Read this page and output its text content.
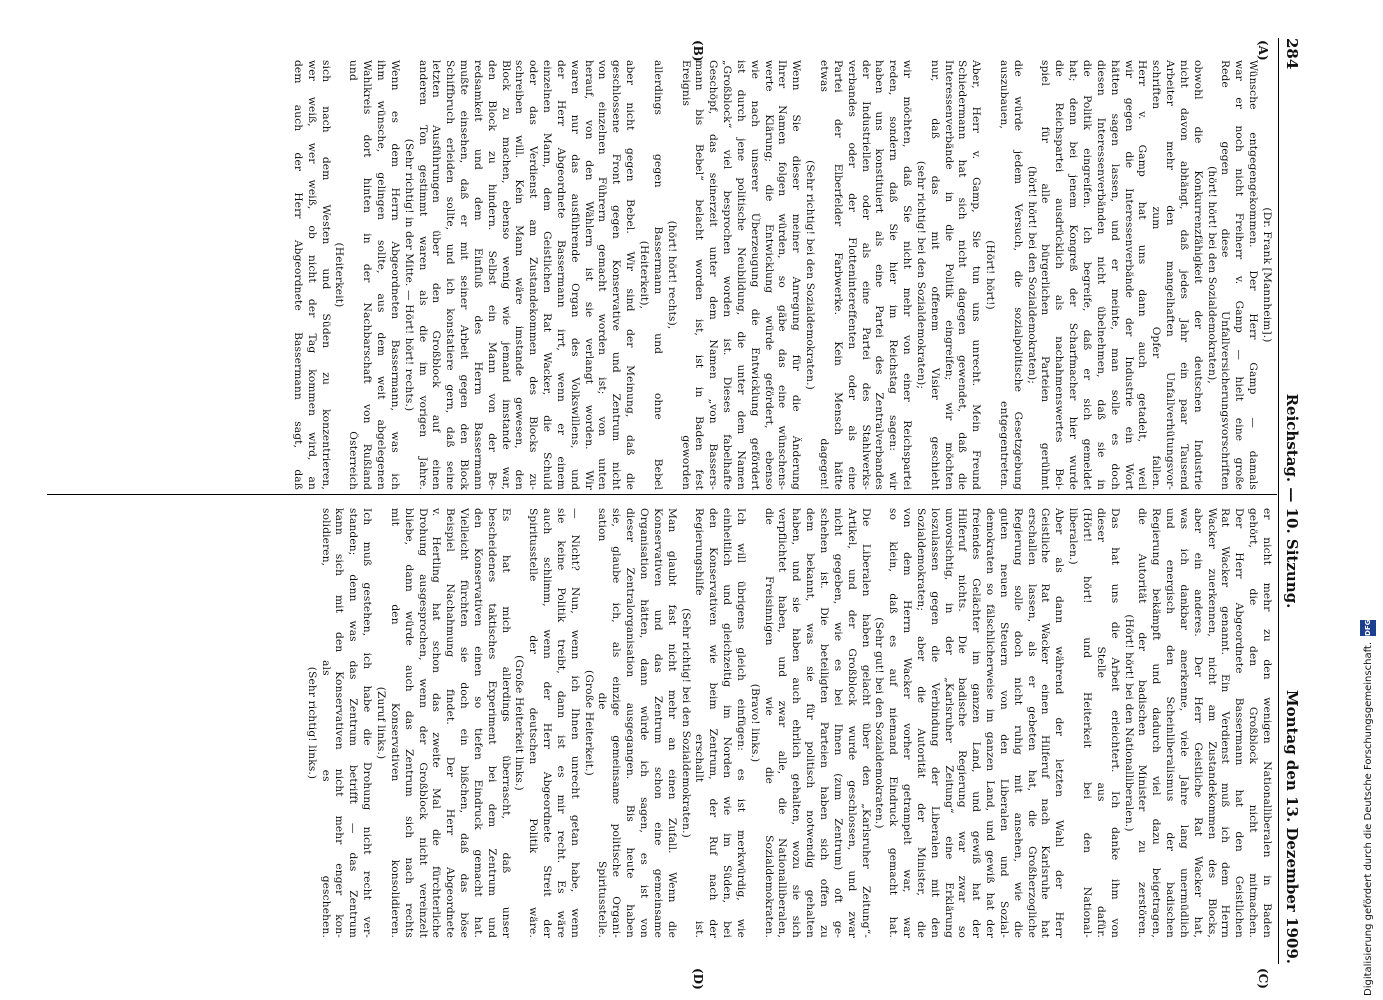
284
Reichstag. — 10. Sitzung.
Montag den 13. Dezember 1909.
(A)
(B)
(C)
(D)
(Dr. Frank [Mannheim].)
Wünsche entgegengekommen. Der Herr Gamp — damals
war er noch nicht Freiherr v. Gamp — hielt eine große
Rede gegen diese Unfallversicherungsvorschriften
(hört! hört! bei den Sozialdemokraten),
obwohl die Konkurrenzfähigkeit der deutschen Industrie
nicht davon abhängt, daß jedes Jahr ein paar Tausend
Arbeiter mehr den mangelhaften Unfallverhütungsvor-
schriften zum Opfer fallen.
Herr v. Gamp hat uns dann auch getadelt, weil
wir gegen die Interessenverbände der Industrie ein Wort
hätten sagen lassen, und er meinte, man solle es doch
diesen Interessenverbänden nicht übelnehmen, daß sie in
die Politik eingreifen. Ich begreife, daß er sich gemeldet
hat; denn bei jenem Kongreß der Scharfmacher hier wurde
die Reichspartei ausdrücklich als nachahmenswertes Bei-
spiel für alle bürgerlichen Parteien gerühmt
(hört! hört! bei den Sozialdemokraten);
die würde jedem Versuch, die sozialpolitische Gesetzgebung
auszubauen, entgegentreten.
(Hört! hört!)
Aber, Herr v. Gamp, Sie tun uns unrecht. Mein Freund
Schiedermann hat sich nicht dagegen gewendet, daß die
Interessenverbände in die Politik eingreifen; wir möchten
nur, daß das mit offenem Visier geschieht
(sehr richtig! bei den Sozialdemokraten);
wir möchten, daß Sie nicht mehr von einer Reichspartei
reden, sondern daß Sie hier im Reichstag sagen: wir
haben uns konstituiert als eine Partei des Zentralverbandes
der Industriellen oder als eine Partei des Stahlwerks-
verbandes oder der Flottenintereffenten oder als eine
Partei der Elberfelder Farbwerke. Kein Mensch hätte
etwas dagegen!
(Sehr richtig! bei den Sozialdemokraten.)
Wenn Sie dieser meiner Anregung für die Änderung
Ihrer Namen folgen würden, so gäbe das eine wünschens-
werte Klärung; die Entwicklung würde gefördert, ebenso
wie nach unserer Überzeugung die Entwicklung gefördert
ist durch jene politische Neubildung, die unter dem Namen
„Großblock“ viel besprochen worden ist. Dieses fabelhafte
Geschöpf, das seinerzeit unter dem Namen „von Bassers-
mann bis Bebel“ belacht worden ist, ist in Baden fest
Ereignis geworden
(hört! hört! rechts),
allerdings gegen Bassermann und ohne Bebel
(Heiterkeit),
aber nicht gegen Bebel. Wir sind der Meinung, daß die
geschlossene Front gegen Konservative und Zentrum nicht
von einzelnen Führern gemacht worden ist; von unten
herauf, von den Wählern ist sie verlangt worden. Wir
waren nur das ausführende Organ des Volkswillens, und
der Herr Abgeordnete Bassermann irrt, wenn er einem
einzelnen Mann, dem Geistlichen Rat Wacker, die Schuld
oder das Verdienst am Zustandekommen des Blocks zu-
schreiben will. Kein Mann wäre imstande gewesen, den
Block zu machen, ebenso wenig wie jemand imstande war,
den Block zu hindern. Selbst ein Mann von der Be-
redsamkeit und dem Einfluß des Herrn Bassermann
mußte einsehen, daß er mit seiner Arbeit gegen den Block
Schiffbruch erleiden sollte, und ich konstatiere gern, daß seine
letzten Ausführungen über den Großblock auf einen
anderen Ton gestimmt waren als die im vorigen Jahre.
(Sehr richtig! in der Mitte. — Hört! hört! rechts.)
Wenn es dem Herrn Abgeordneten Bassermann, was ich
ihm wünsche, gelingen sollte, aus dem weit abgelegenen
Wahlkreis dort hinten in der Nachbarschaft von Rußland
und Österreich
(Heiterkeit)
sich nach dem Westen und Süden zu konzentrieren,
wer weiß, wer weiß, ob nicht der Tag kommen wird, an
dem auch der Herr Abgeordnete Bassermann sagt, daß
er nicht mehr zu den wenigen Nationalliberalen in Baden
gehört, die den Großblock nicht mitmachen.
Der Herr Abgeordnete Bassermann hat den Geistlichen
Rat Wacker genannt. Ein Verdienst muß ich dem Herrn
Wacker zuerkennen, nicht am Zustandekommen des Blocks,
aber ein anderes. Der Herr Geistliche Rat Wacker hat,
was ich dankbar anerkenne, viele Jahre lang unermüdlich
und energisch den Scheinliberalismus der badischen
Regierung bekämpft und dadurch viel dazu beigetragen,
die Autorität der badischen Minister zu zerstören.
(Hört! hört! bei den Nationalliberalen.)
Das hat uns die Arbeit erleichtert. Ich danke ihm von
dieser Stelle aus dafür.
(Hört! hört! und Heiterkeit bei den National-
liberalen.)
Aber als dann während der letzten Wahl der Herr
Geistliche Rat Wacker einen Hilferuf nach Karlsruhe hat
erschallen lassen, als er gebeten hat, die Großherzogliche
Regierung solle doch nicht ruhig mit ansehen, wie die
guten neuen Steuern von den Liberalen und Sozial-
demokraten so fälschlicherweise im ganzen Land, und gewiß hat der
freiendes Gelächter im ganzen Land, und gewiß hat der
Hilferuf nichts. Die badische Regierung war zwar so
unvorsichtig, in der „Karlsruher Zeitung“ eine Erklärung
loszulassen gegen die Verbindung der Liberalen mit den
Sozialdemokraten; aber die Autorität der Minister, die
von dem Herrn Wacker vorher getrampelt war, war
so klein, daß es auf niemand Eindruck gemacht hat.
(Sehr gut! bei den Sozialdemokraten.)
Die Liberalen haben gelacht über den „Karlsruher Zeitung“-
Artikel, und der Großblock wurde geschlossen, und zwar
nicht gegeben, wie es bei Ihnen (zum Zentrum) oft ge-
schehen ist. Die beteiligten Parteien haben sich offen zu
dem bekannt, was sie für politisch notwendig gehalten
haben, und sie haben auch ehrlich gehalten, wozu sie sich
verpflichtet haben, und zwar alle, die Nationalliberalen,
die Freisinnigen wie die Sozialdemokraten.
(Bravo! links.)
Ich will übrigens gleich einfügen: es ist merkwürdig, wie
einheitlich und gleichzeitig im Norden wie im Süden, bei
den Konservativen wie beim Zentrum, der Ruf nach der
Regierungshilfe erschallt ist.
(Sehr richtig! bei den Sozialdemokraten.)
Man glaubt fast nicht mehr an einen Zufall. Wenn die
Konservativen und das Zentrum schon eine gemeinsame
Organisation hätten, dann würde ich sagen, es ist von
dieser Zentralorganisation ausgegangen. Bis heute haben
sie, glaube ich, als einzige gemeinsame politische Organi-
sation die Spiritusstelle.
(Große Heiterkeit.)
— Nicht? Nun, wenn ich Ihnen unrecht getan habe, wenn
sie keine Politik treibt, dann ist es mir recht. Es wäre
auch schlimm, wenn der Herr Abgeordnete Streit der
Spiritusstelle der deutschen Politik wäre.
(Große Heiterkeit links.)
Es hat mich allerdings überrascht, daß unser
bescheidenes taktisches Experiment bei dem Zentrum und
den Konservativen einen so tiefen Eindruck gemacht hat.
Vielleicht fürchten sie doch ein bißchen, daß das böse
Beispiel Nachahmung findet. Der Herr Abgeordnete
v. Hertling hat schon das zweite Mal die fürchterliche
Drohung ausgesprochen, wenn der Großblock nicht vereinzelt
bliebe, dann würde auch das Zentrum sich nach rechts
mit den Konservativen konsolidieren.
(Zuruf links.)
Ich muß gestehen, ich habe die Drohung nicht recht ver-
standen; denn was das Zentrum betrifft — das Zentrum
kann sich mit den Konservativen nicht mehr enger kon-
solidieren, als es geschehen.
(Sehr richtig! links.)	Digitalisierung gefördert durch die Deutsche Forschungsgemeinschaft.
DFG
